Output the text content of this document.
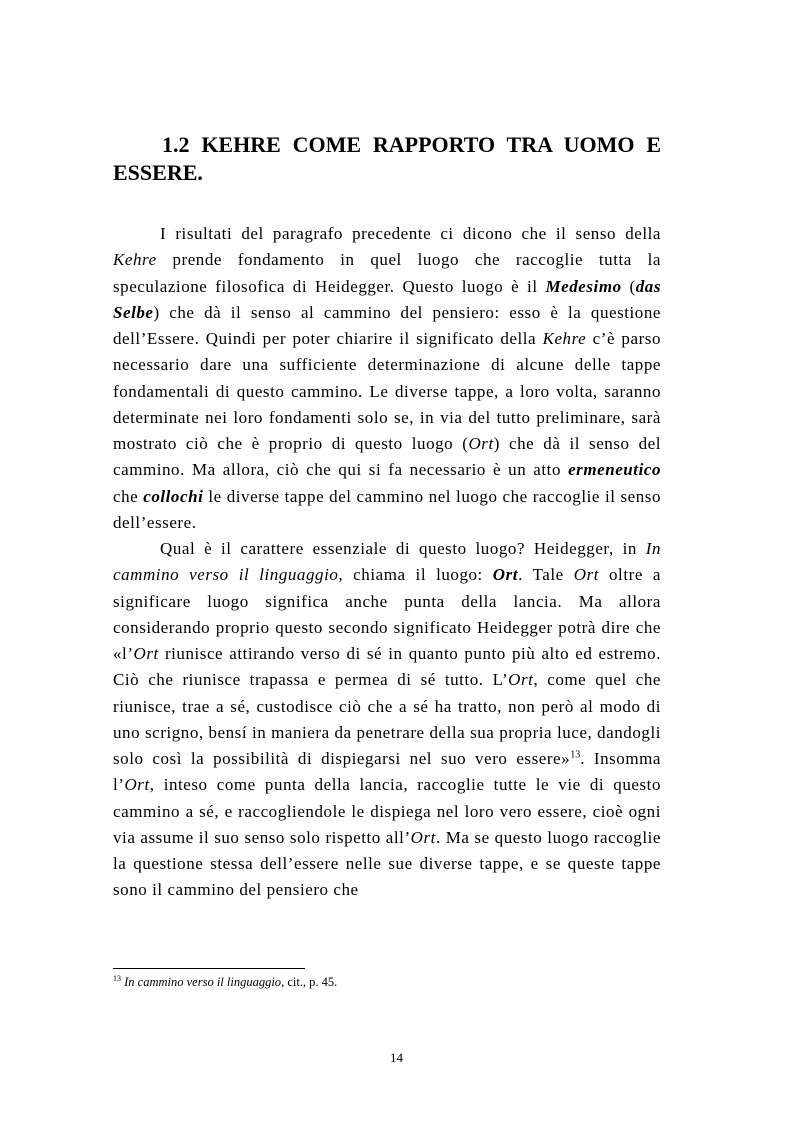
1.2 KEHRE COME RAPPORTO TRA UOMO E
ESSERE.

I risultati del paragrafo precedente ci dicono che il senso della Kehre prende fondamento in quel luogo che raccoglie tutta la speculazione filosofica di Heidegger. Questo luogo è il Medesimo (das Selbe) che dà il senso al cammino del pensiero: esso è la questione dell’Essere. Quindi per poter chiarire il significato della Kehre c’è parso necessario dare una sufficiente determinazione di alcune delle tappe fondamentali di questo cammino. Le diverse tappe, a loro volta, saranno determinate nei loro fondamenti solo se, in via del tutto preliminare, sarà mostrato ciò che è proprio di questo luogo (Ort) che dà il senso del cammino. Ma allora, ciò che qui si fa necessario è un atto ermeneutico che collochi le diverse tappe del cammino nel luogo che raccoglie il senso dell’essere.

Qual è il carattere essenziale di questo luogo? Heidegger, in In cammino verso il linguaggio, chiama il luogo: Ort. Tale Ort oltre a significare luogo significa anche punta della lancia. Ma allora considerando proprio questo secondo significato Heidegger potrà dire che «l’Ort riunisce attirando verso di sé in quanto punto più alto ed estremo. Ciò che riunisce trapassa e permea di sé tutto. L’Ort, come quel che riunisce, trae a sé, custodisce ciò che a sé ha tratto, non però al modo di uno scrigno, bensí in maniera da penetrare della sua propria luce, dandogli solo così la possibilità di dispiegarsi nel suo vero essere»$^{13}$. Insomma l’Ort, inteso come punta della lancia, raccoglie tutte le vie di questo cammino a sé, e raccogliendole le dispiega nel loro vero essere, cioè ogni via assume il suo senso solo rispetto all’Ort. Ma se questo luogo raccoglie la questione stessa dell’essere nelle sue diverse tappe, e se queste tappe sono il cammino del pensiero che

$^{13}$ In cammino verso il linguaggio, cit., p. 45.
14
